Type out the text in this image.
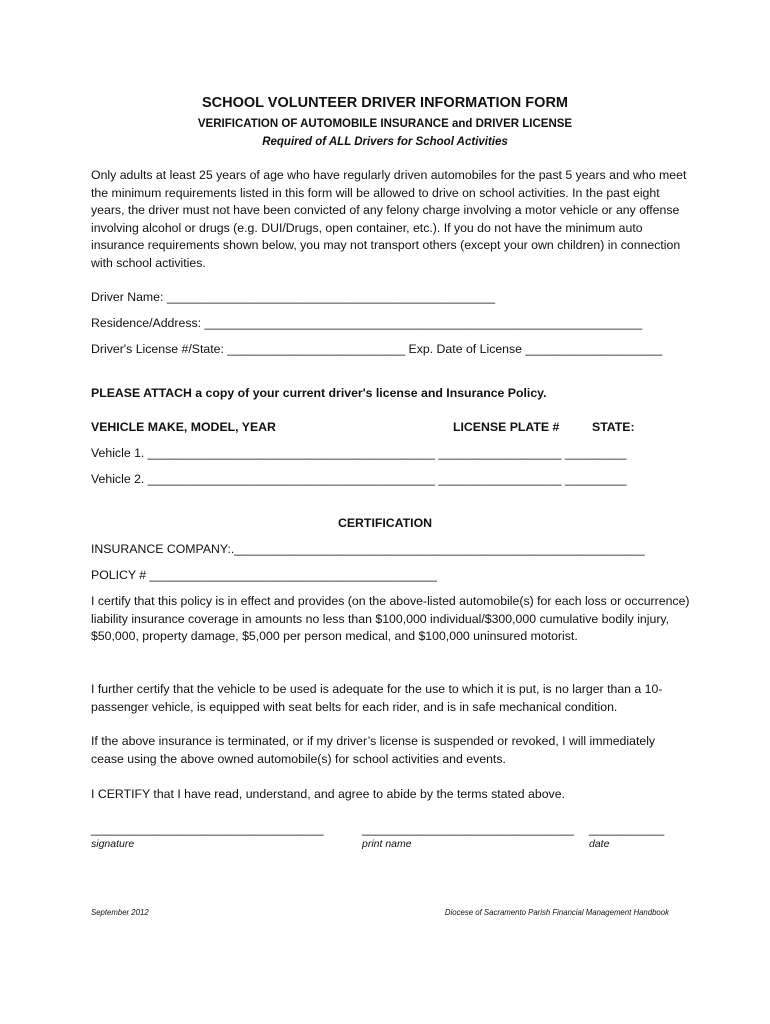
SCHOOL VOLUNTEER DRIVER INFORMATION FORM
VERIFICATION OF AUTOMOBILE INSURANCE and DRIVER LICENSE
Required of ALL Drivers for School Activities
Only adults at least 25 years of age who have regularly driven automobiles for the past 5 years and who meet the minimum requirements listed in this form will be allowed to drive on school activities. In the past eight years, the driver must not have been convicted of any felony charge involving a motor vehicle or any offense involving alcohol or drugs (e.g. DUI/Drugs, open container, etc.). If you do not have the minimum auto insurance requirements shown below, you may not transport others (except your own children) in connection with school activities.
Driver Name: ________________________________________________
Residence/Address: ________________________________________________________________
Driver's License #/State: __________________________ Exp. Date of License ____________________
PLEASE ATTACH a copy of your current driver's license and Insurance Policy.
VEHICLE MAKE, MODEL, YEAR	LICENSE PLATE #	STATE:
Vehicle 1. __________________________________________ __________________ _________
Vehicle 2. __________________________________________ __________________ _________
CERTIFICATION
INSURANCE COMPANY:.____________________________________________________________
POLICY # __________________________________________
I certify that this policy is in effect and provides (on the above-listed automobile(s) for each loss or occurrence) liability insurance coverage in amounts no less than $100,000 individual/$300,000 cumulative bodily injury, $50,000, property damage, $5,000 per person medical, and $100,000 uninsured motorist.
I further certify that the vehicle to be used is adequate for the use to which it is put, is no larger than a 10-passenger vehicle, is equipped with seat belts for each rider, and is in safe mechanical condition.
If the above insurance is terminated, or if my driver’s license is suspended or revoked, I will immediately cease using the above owned automobile(s) for school activities and events.
I CERTIFY that I have read, understand, and agree to abide by the terms stated above.
__________________________________	_______________________________ ___________
signature	print name	date
September 2012	Diocese of Sacramento Parish Financial Management Handbook
